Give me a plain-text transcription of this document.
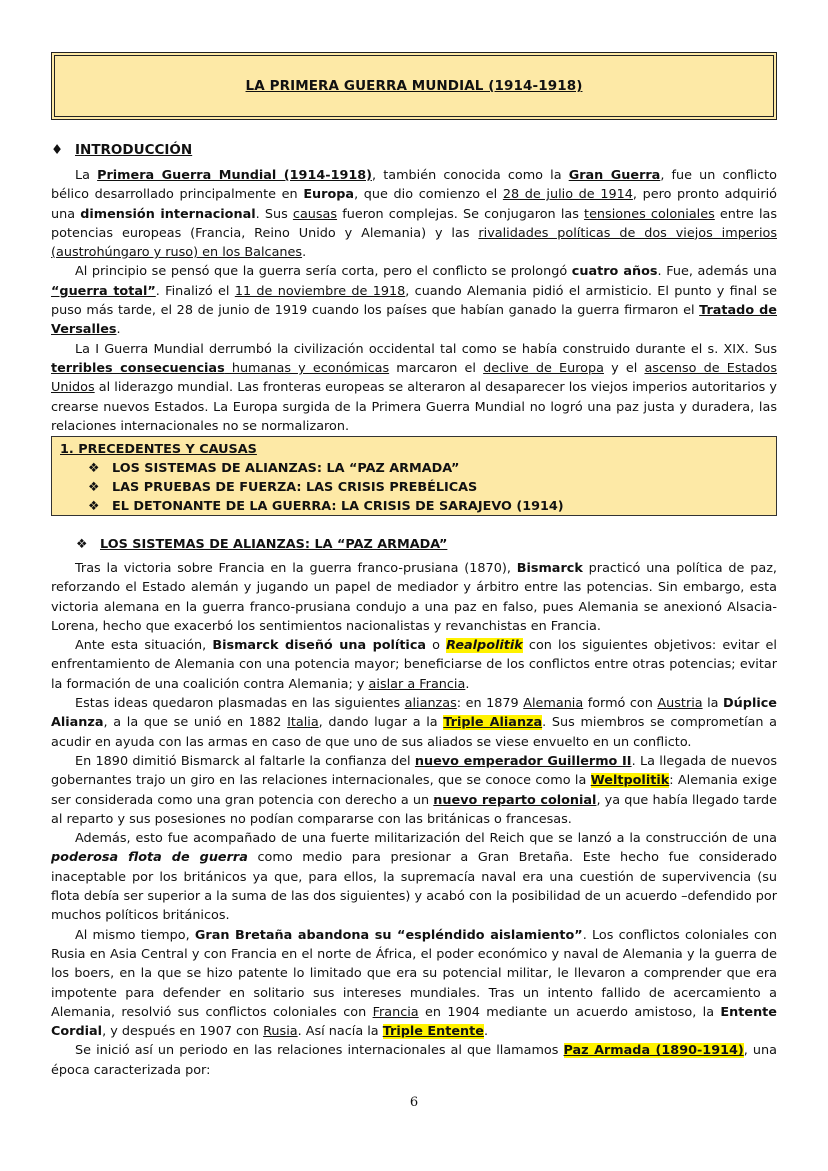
LA PRIMERA GUERRA MUNDIAL (1914-1918)
♦ INTRODUCCIÓN

La Primera Guerra Mundial (1914-1918), también conocida como la Gran Guerra, fue un conflicto bélico desarrollado principalmente en Europa, que dio comienzo el 28 de julio de 1914, pero pronto adquirió una dimensión internacional. Sus causas fueron complejas. Se conjugaron las tensiones coloniales entre las potencias europeas (Francia, Reino Unido y Alemania) y las rivalidades políticas de dos viejos imperios (austrohúngaro y ruso) en los Balcanes.

Al principio se pensó que la guerra sería corta, pero el conflicto se prolongó cuatro años. Fue, además una “guerra total”. Finalizó el 11 de noviembre de 1918, cuando Alemania pidió el armisticio. El punto y final se puso más tarde, el 28 de junio de 1919 cuando los países que habían ganado la guerra firmaron el Tratado de Versalles.

La I Guerra Mundial derrumbó la civilización occidental tal como se había construido durante el s. XIX. Sus terribles consecuencias humanas y económicas marcaron el declive de Europa y el ascenso de Estados Unidos al liderazgo mundial. Las fronteras europeas se alteraron al desaparecer los viejos imperios autoritarios y crearse nuevos Estados. La Europa surgida de la Primera Guerra Mundial no logró una paz justa y duradera, las relaciones internacionales no se normalizaron.

1. PRECEDENTES Y CAUSAS
❖ LOS SISTEMAS DE ALIANZAS: LA “PAZ ARMADA”
❖ LAS PRUEBAS DE FUERZA: LAS CRISIS PREBÉLICAS
❖ EL DETONANTE DE LA GUERRA: LA CRISIS DE SARAJEVO (1914)
❖ LOS SISTEMAS DE ALIANZAS: LA “PAZ ARMADA”

Tras la victoria sobre Francia en la guerra franco-prusiana (1870), Bismarck practicó una política de paz, reforzando el Estado alemán y jugando un papel de mediador y árbitro entre las potencias. Sin embargo, esta victoria alemana en la guerra franco-prusiana condujo a una paz en falso, pues Alemania se anexionó Alsacia-Lorena, hecho que exacerbó los sentimientos nacionalistas y revanchistas en Francia.

Ante esta situación, Bismarck diseñó una política o Realpolitik con los siguientes objetivos: evitar el enfrentamiento de Alemania con una potencia mayor; beneficiarse de los conflictos entre otras potencias; evitar la formación de una coalición contra Alemania; y aislar a Francia.

Estas ideas quedaron plasmadas en las siguientes alianzas: en 1879 Alemania formó con Austria la Dúplice Alianza, a la que se unió en 1882 Italia, dando lugar a la Triple Alianza. Sus miembros se comprometían a acudir en ayuda con las armas en caso de que uno de sus aliados se viese envuelto en un conflicto.

En 1890 dimitió Bismarck al faltarle la confianza del nuevo emperador Guillermo II. La llegada de nuevos gobernantes trajo un giro en las relaciones internacionales, que se conoce como la Weltpolitik: Alemania exige ser considerada como una gran potencia con derecho a un nuevo reparto colonial, ya que había llegado tarde al reparto y sus posesiones no podían compararse con las británicas o francesas.

Además, esto fue acompañado de una fuerte militarización del Reich que se lanzó a la construcción de una poderosa flota de guerra como medio para presionar a Gran Bretaña. Este hecho fue considerado inaceptable por los británicos ya que, para ellos, la supremacía naval era una cuestión de supervivencia (su flota debía ser superior a la suma de las dos siguientes) y acabó con la posibilidad de un acuerdo –defendido por muchos políticos británicos.

Al mismo tiempo, Gran Bretaña abandona su “espléndido aislamiento”. Los conflictos coloniales con Rusia en Asia Central y con Francia en el norte de África, el poder económico y naval de Alemania y la guerra de los boers, en la que se hizo patente lo limitado que era su potencial militar, le llevaron a comprender que era impotente para defender en solitario sus intereses mundiales. Tras un intento fallido de acercamiento a Alemania, resolvió sus conflictos coloniales con Francia en 1904 mediante un acuerdo amistoso, la Entente Cordial, y después en 1907 con Rusia. Así nacía la Triple Entente.

Se inició así un periodo en las relaciones internacionales al que llamamos Paz Armada (1890-1914), una época caracterizada por:

6
